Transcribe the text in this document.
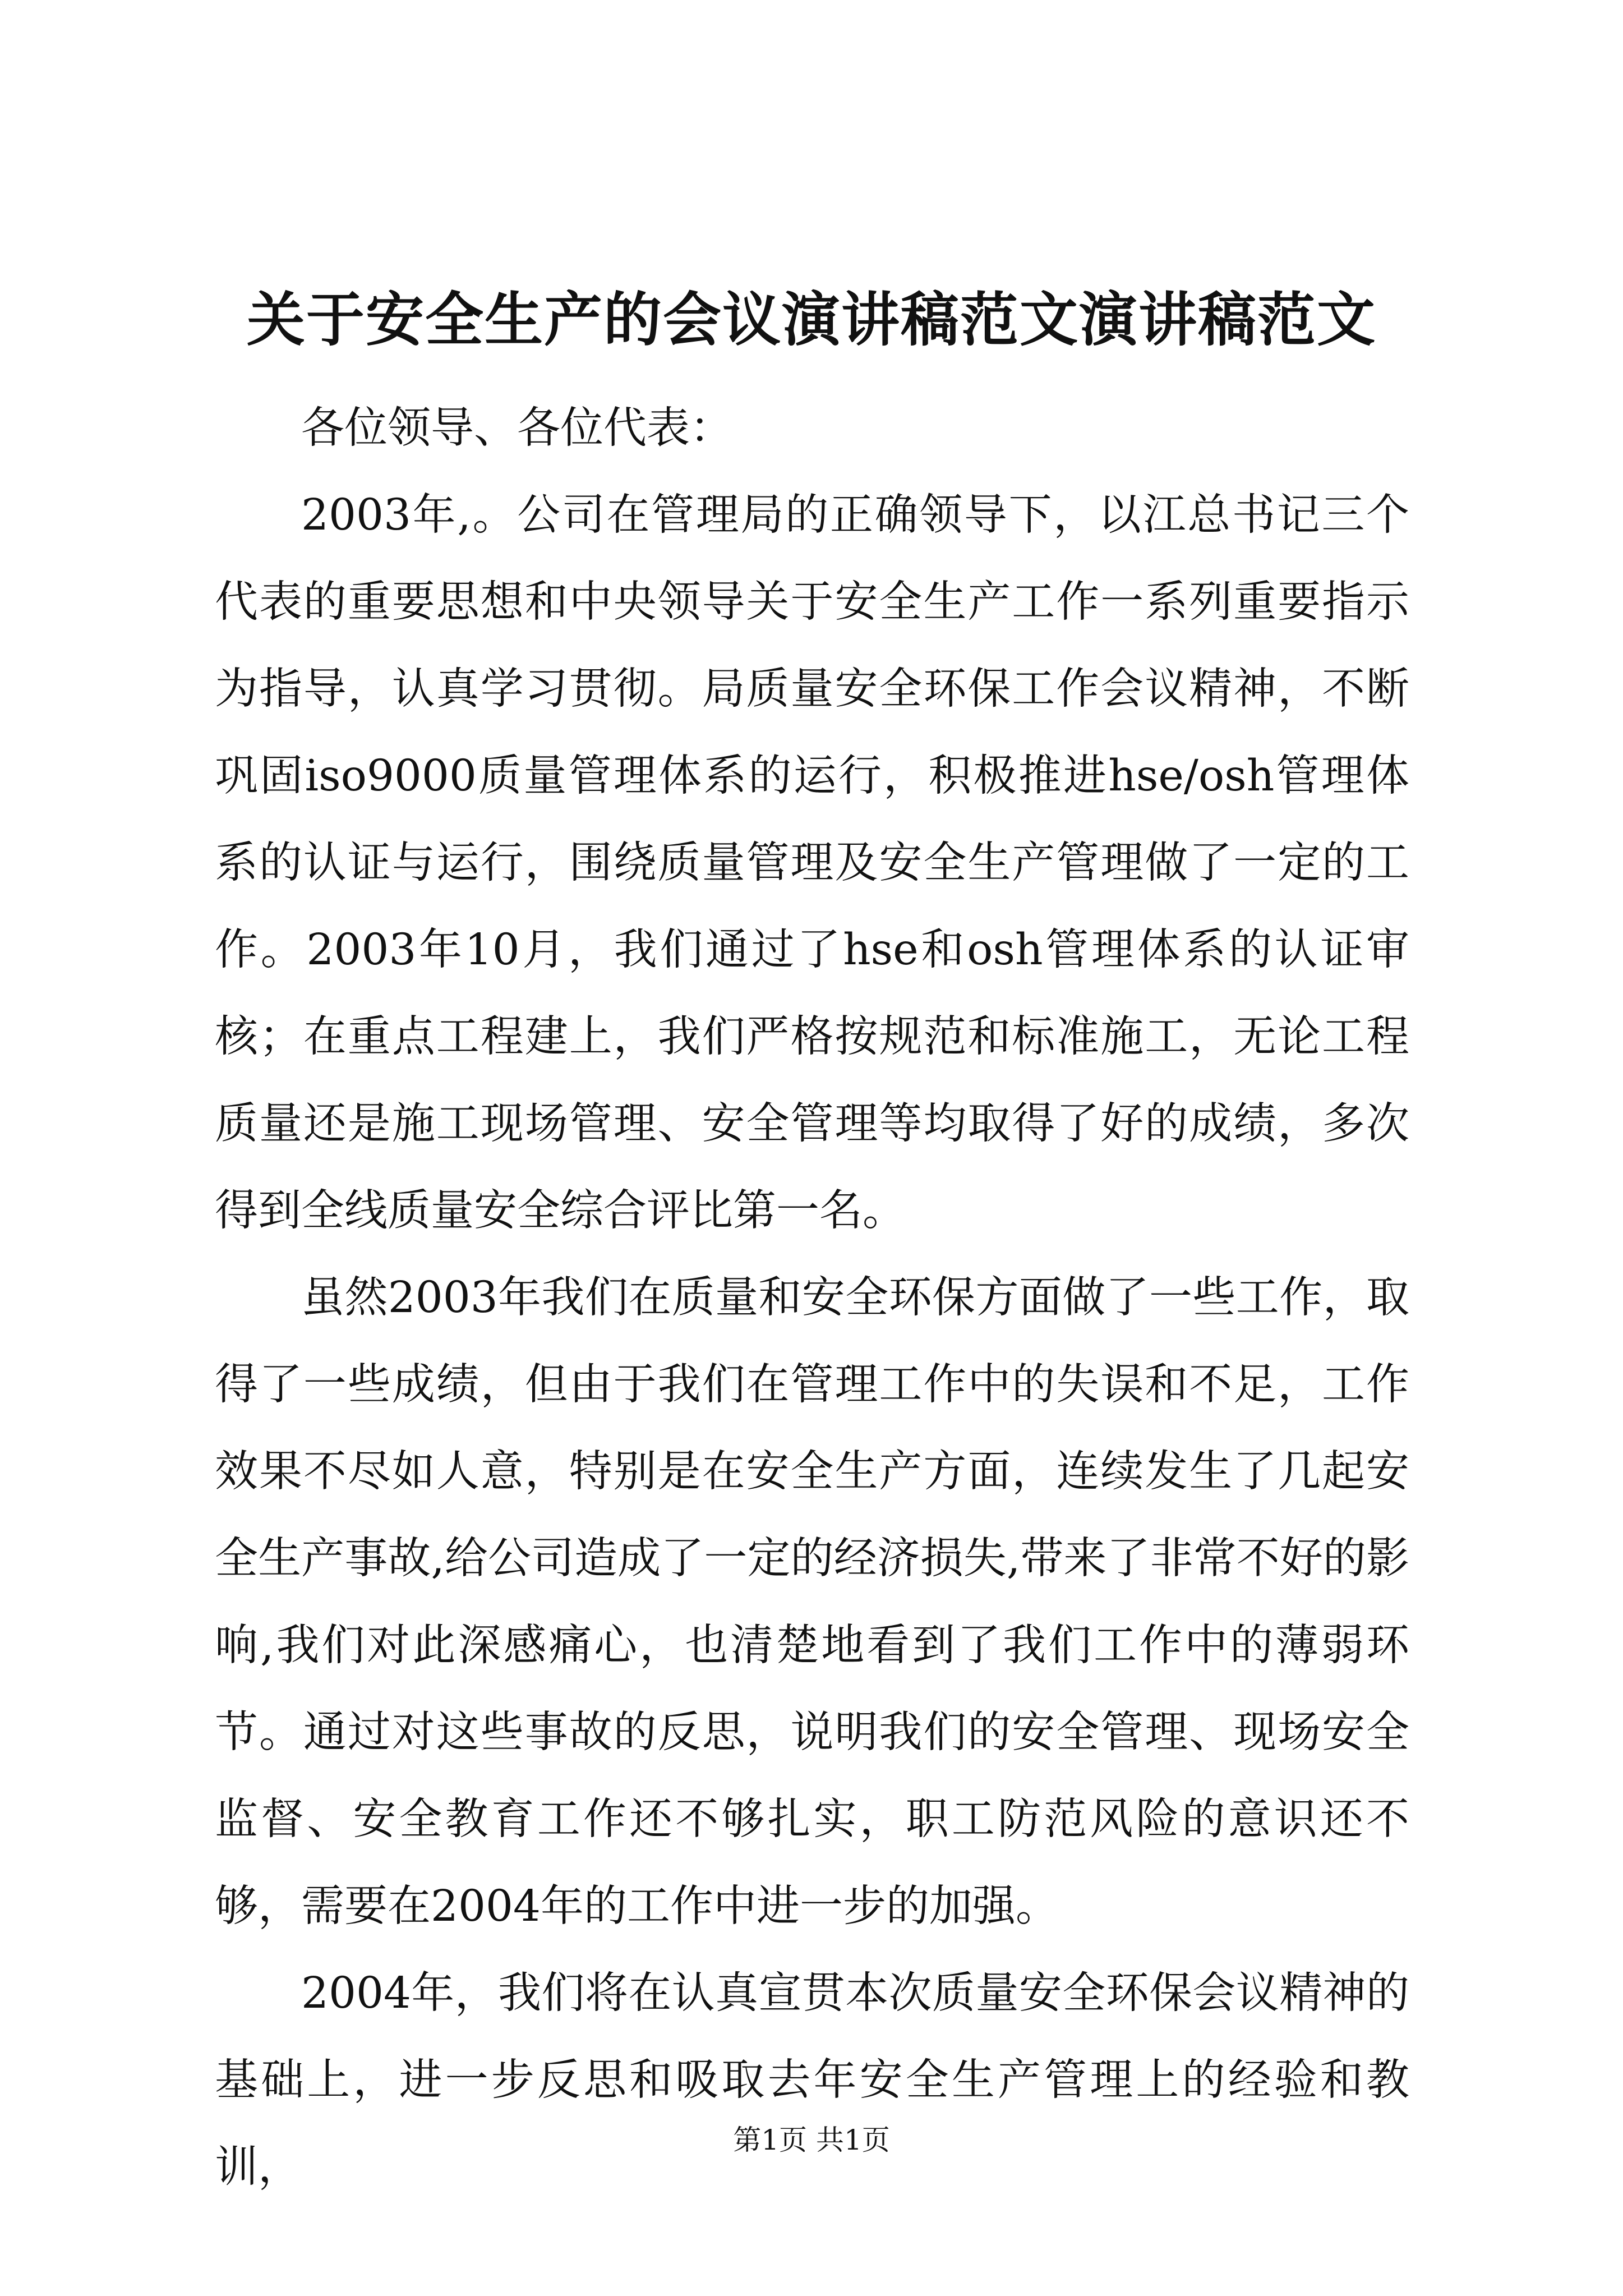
关于安全生产的会议演讲稿范文演讲稿范文

各位领导、各位代表：

2003年,。公司在管理局的正确领导下，以江总书记三个代表的重要思想和中央领导关于安全生产工作一系列重要指示为指导，认真学习贯彻。局质量安全环保工作会议精神，不断巩固iso9000质量管理体系的运行，积极推进hse/osh管理体系的认证与运行，围绕质量管理及安全生产管理做了一定的工作。2003年10月，我们通过了hse和osh管理体系的认证审核；在重点工程建上，我们严格按规范和标准施工，无论工程质量还是施工现场管理、安全管理等均取得了好的成绩，多次得到全线质量安全综合评比第一名。

虽然2003年我们在质量和安全环保方面做了一些工作，取得了一些成绩，但由于我们在管理工作中的失误和不足，工作效果不尽如人意，特别是在安全生产方面，连续发生了几起安全生产事故,给公司造成了一定的经济损失,带来了非常不好的影响,我们对此深感痛心，也清楚地看到了我们工作中的薄弱环节。通过对这些事故的反思，说明我们的安全管理、现场安全监督、安全教育工作还不够扎实，职工防范风险的意识还不够，需要在2004年的工作中进一步的加强。

2004年，我们将在认真宣贯本次质量安全环保会议精神的基础上，进一步反思和吸取去年安全生产管理上的经验和教训，

第1页 共1页
